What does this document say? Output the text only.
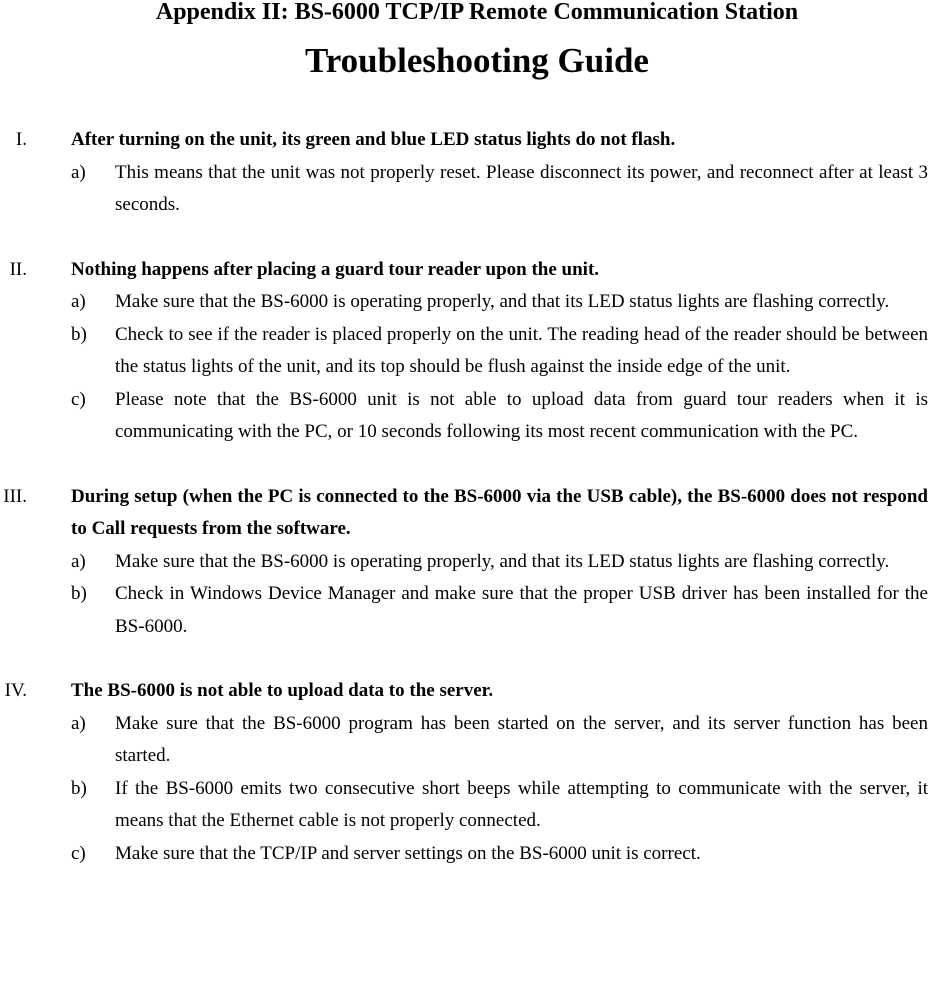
Appendix II: BS-6000 TCP/IP Remote Communication Station
Troubleshooting Guide
I. After turning on the unit, its green and blue LED status lights do not flash.
a) This means that the unit was not properly reset. Please disconnect its power, and reconnect after at least 3 seconds.
II. Nothing happens after placing a guard tour reader upon the unit.
a) Make sure that the BS-6000 is operating properly, and that its LED status lights are flashing correctly.
b) Check to see if the reader is placed properly on the unit. The reading head of the reader should be between the status lights of the unit, and its top should be flush against the inside edge of the unit.
c) Please note that the BS-6000 unit is not able to upload data from guard tour readers when it is communicating with the PC, or 10 seconds following its most recent communication with the PC.
III. During setup (when the PC is connected to the BS-6000 via the USB cable), the BS-6000 does not respond to Call requests from the software.
a) Make sure that the BS-6000 is operating properly, and that its LED status lights are flashing correctly.
b) Check in Windows Device Manager and make sure that the proper USB driver has been installed for the BS-6000.
IV. The BS-6000 is not able to upload data to the server.
a) Make sure that the BS-6000 program has been started on the server, and its server function has been started.
b) If the BS-6000 emits two consecutive short beeps while attempting to communicate with the server, it means that the Ethernet cable is not properly connected.
c) Make sure that the TCP/IP and server settings on the BS-6000 unit is correct.
